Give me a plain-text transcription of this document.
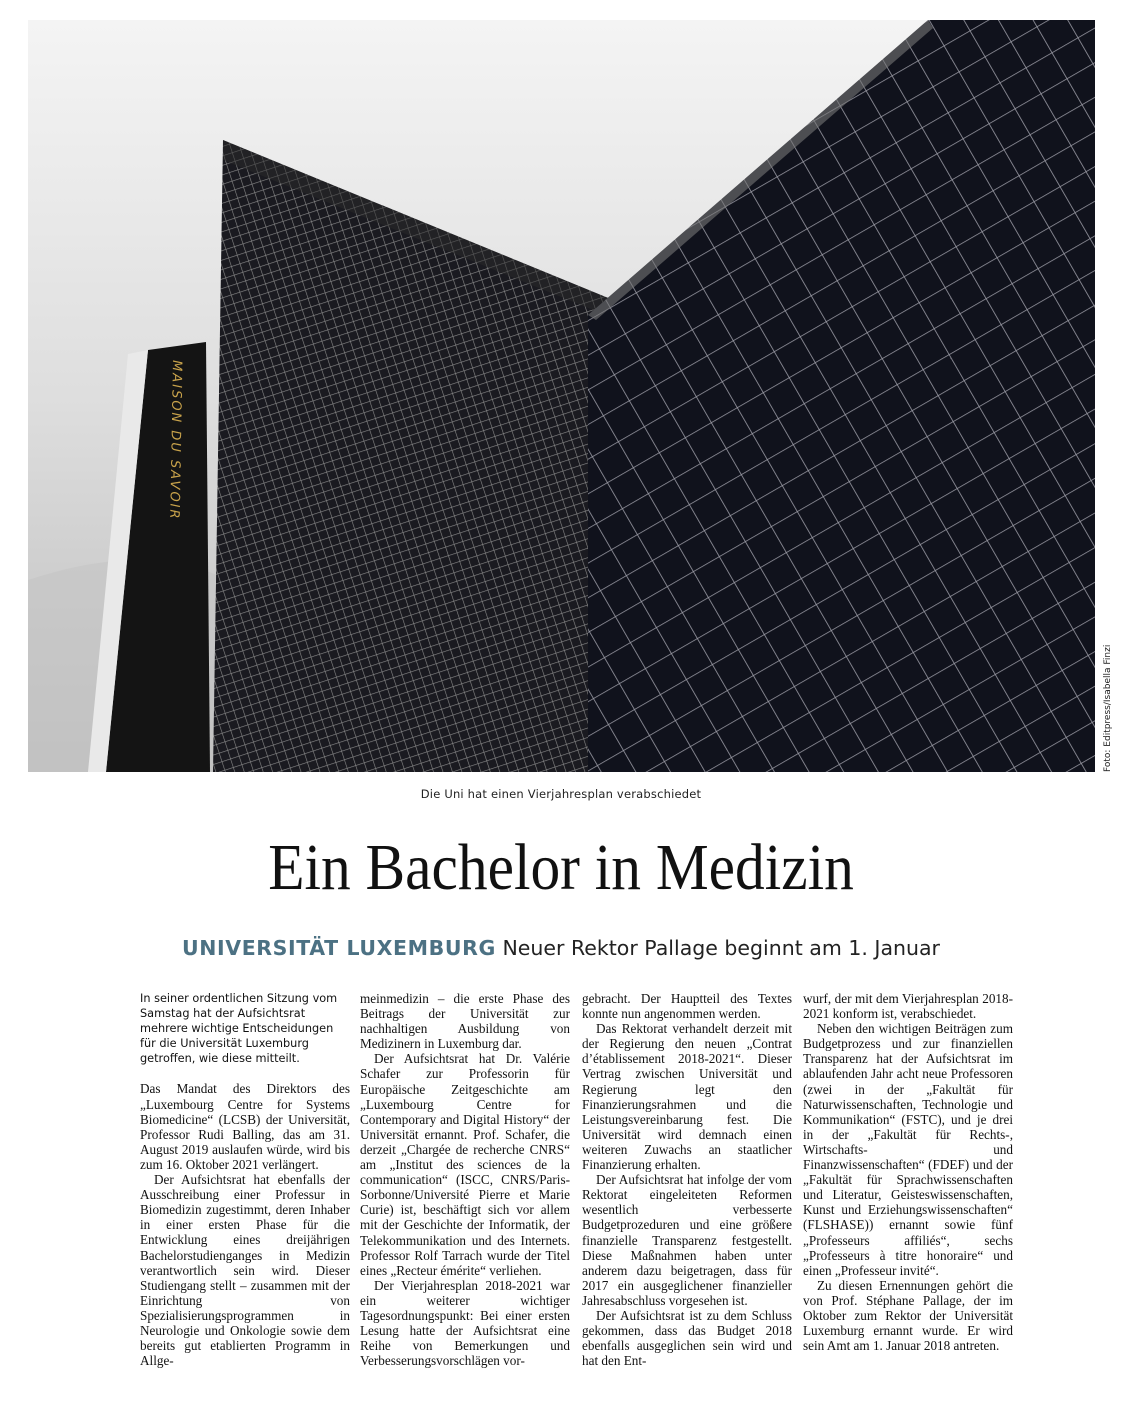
MAISON DU SAVOIR
Foto: Editpress/Isabella Finzi
Die Uni hat einen Vierjahresplan verabschiedet
Ein Bachelor in Medizin
UNIVERSITÄT LUXEMBURG Neuer Rektor Pallage beginnt am 1. Januar

In seiner ordentlichen Sitzung vom Samstag hat der Aufsichtsrat mehrere wichtige Entscheidungen für die Universität Luxemburg getroffen, wie diese mitteilt.

Das Mandat des Direktors des „Luxembourg Centre for Systems Biomedicine“ (LCSB) der Universität, Professor Rudi Balling, das am 31. August 2019 auslaufen würde, wird bis zum 16. Oktober 2021 verlängert.

Der Aufsichtsrat hat ebenfalls der Ausschreibung einer Professur in Biomedizin zugestimmt, deren Inhaber in einer ersten Phase für die Entwicklung eines dreijährigen Bachelorstudienganges in Medizin verantwortlich sein wird. Dieser Studiengang stellt – zusammen mit der Einrichtung von Spezialisierungsprogrammen in Neurologie und Onkologie sowie dem bereits gut etablierten Programm in Allge-

meinmedizin – die erste Phase des Beitrags der Universität zur nachhaltigen Ausbildung von Medizinern in Luxemburg dar.

Der Aufsichtsrat hat Dr. Valérie Schafer zur Professorin für Europäische Zeitgeschichte am „Luxembourg Centre for Contemporary and Digital History“ der Universität ernannt. Prof. Schafer, die derzeit „Chargée de recherche CNRS“ am „Institut des sciences de la communication“ (ISCC, CNRS/Paris-Sorbonne/Université Pierre et Marie Curie) ist, beschäftigt sich vor allem mit der Geschichte der Informatik, der Telekommunikation und des Internets. Professor Rolf Tarrach wurde der Titel eines „Recteur émérite“ verliehen.

Der Vierjahresplan 2018-2021 war ein weiterer wichtiger Tagesordnungspunkt: Bei einer ersten Lesung hatte der Aufsichtsrat eine Reihe von Bemerkungen und Verbesserungsvorschlägen vor-

gebracht. Der Hauptteil des Textes konnte nun angenommen werden.

Das Rektorat verhandelt derzeit mit der Regierung den neuen „Contrat d’établissement 2018-2021“. Dieser Vertrag zwischen Universität und Regierung legt den Finanzierungsrahmen und die Leistungsvereinbarung fest. Die Universität wird demnach einen weiteren Zuwachs an staatlicher Finanzierung erhalten.

Der Aufsichtsrat hat infolge der vom Rektorat eingeleiteten Reformen wesentlich verbesserte Budgetprozeduren und eine größere finanzielle Transparenz festgestellt. Diese Maßnahmen haben unter anderem dazu beigetragen, dass für 2017 ein ausgeglichener finanzieller Jahresabschluss vorgesehen ist.

Der Aufsichtsrat ist zu dem Schluss gekommen, dass das Budget 2018 ebenfalls ausgeglichen sein wird und hat den Ent-

wurf, der mit dem Vierjahresplan 2018-2021 konform ist, verabschiedet.

Neben den wichtigen Beiträgen zum Budgetprozess und zur finanziellen Transparenz hat der Aufsichtsrat im ablaufenden Jahr acht neue Professoren (zwei in der „Fakultät für Naturwissenschaften, Technologie und Kommunikation“ (FSTC), und je drei in der „Fakultät für Rechts-, Wirtschafts- und Finanzwissenschaften“ (FDEF) und der „Fakultät für Sprachwissenschaften und Literatur, Geisteswissenschaften, Kunst und Erziehungswissenschaften“ (FLSHASE)) ernannt sowie fünf „Professeurs affiliés“, sechs „Professeurs à titre honoraire“ und einen „Professeur invité“.

Zu diesen Ernennungen gehört die von Prof. Stéphane Pallage, der im Oktober zum Rektor der Universität Luxemburg ernannt wurde. Er wird sein Amt am 1. Januar 2018 antreten.
